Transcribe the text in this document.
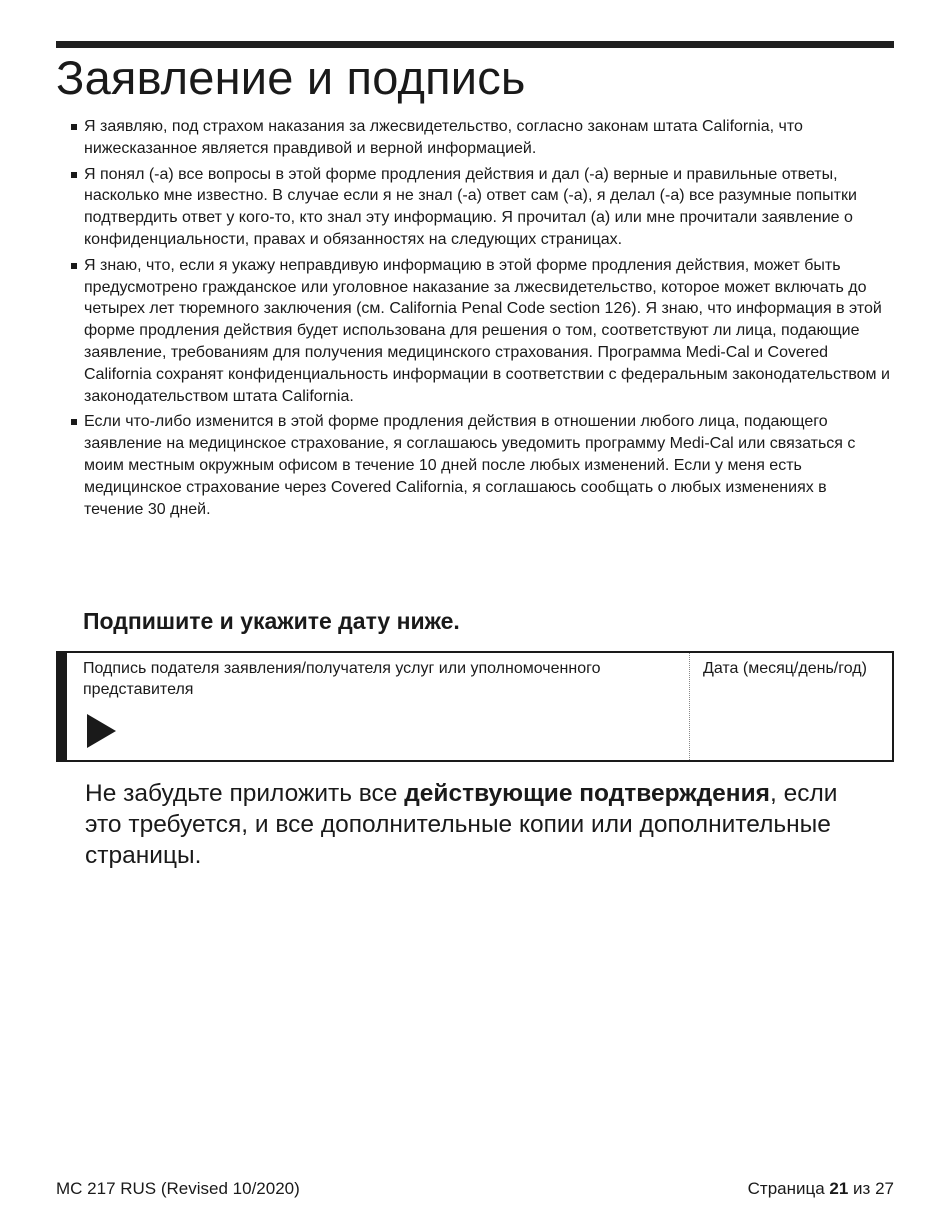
Заявление и подпись
Я заявляю, под страхом наказания за лжесвидетельство, согласно законам штата California, что нижесказанное является правдивой и верной информацией.
Я понял (-а) все вопросы в этой форме продления действия и дал (-а) верные и правильные ответы, насколько мне известно. В случае если я не знал (-а) ответ сам (-а), я делал (-а) все разумные попытки подтвердить ответ у кого-то, кто знал эту информацию. Я прочитал (а) или мне прочитали заявление о конфиденциальности, правах и обязанностях на следующих страницах.
Я знаю, что, если я укажу неправдивую информацию в этой форме продления действия, может быть предусмотрено гражданское или уголовное наказание за лжесвидетельство, которое может включать до четырех лет тюремного заключения (см. California Penal Code section 126). Я знаю, что информация в этой форме продления действия будет использована для решения о том, соответствуют ли лица, подающие заявление, требованиям для получения медицинского страхования. Программа Medi-Cal и Covered California сохранят конфиденциальность информации в соответствии с федеральным законодательством и законодательством штата California.
Если что-либо изменится в этой форме продления действия в отношении любого лица, подающего заявление на медицинское страхование, я соглашаюсь уведомить программу Medi-Cal или связаться с моим местным окружным офисом в течение 10 дней после любых изменений. Если у меня есть медицинское страхование через Covered California, я соглашаюсь сообщать о любых изменениях в течение 30 дней.
Подпишите и укажите дату ниже.
Подпись подателя заявления/получателя услуг или уполномоченного представителя
Дата (месяц/день/год)

Не забудьте приложить все действующие подтверждения, если это требуется, и все дополнительные копии или дополнительные страницы.

MC 217 RUS (Revised 10/2020)	Страница 21 из 27
